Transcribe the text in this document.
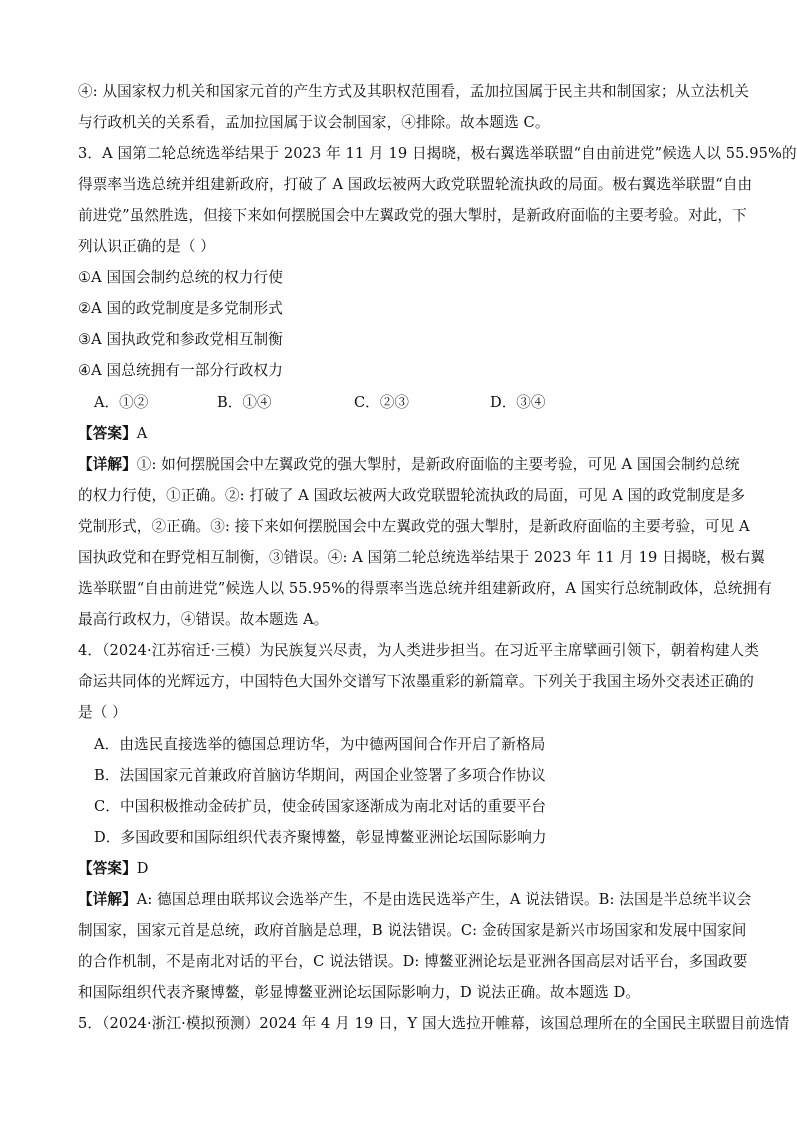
④: 从国家权力机关和国家元首的产生方式及其职权范围看，孟加拉国属于民主共和制国家；从立法机关
与行政机关的关系看，孟加拉国属于议会制国家，④排除。故本题选 C。
3．A 国第二轮总统选举结果于 2023 年 11 月 19 日揭晓，极右翼选举联盟“自由前进党”候选人以 55.95%的
得票率当选总统并组建新政府，打破了 A 国政坛被两大政党联盟轮流执政的局面。极右翼选举联盟“自由
前进党”虽然胜选，但接下来如何摆脱国会中左翼政党的强大掣肘，是新政府面临的主要考验。对此，下
列认识正确的是（ ）
①A 国国会制约总统的权力行使
②A 国的政党制度是多党制形式
③A 国执政党和参政党相互制衡
④A 国总统拥有一部分行政权力
A．①②	B．①④	C．②③	D．③④
【答案】A
【详解】①: 如何摆脱国会中左翼政党的强大掣肘，是新政府面临的主要考验，可见 A 国国会制约总统
的权力行使，①正确。②: 打破了 A 国政坛被两大政党联盟轮流执政的局面，可见 A 国的政党制度是多
党制形式，②正确。③: 接下来如何摆脱国会中左翼政党的强大掣肘，是新政府面临的主要考验，可见 A
国执政党和在野党相互制衡，③错误。④: A 国第二轮总统选举结果于 2023 年 11 月 19 日揭晓，极右翼
选举联盟“自由前进党”候选人以 55.95%的得票率当选总统并组建新政府，A 国实行总统制政体，总统拥有
最高行政权力，④错误。故本题选 A。
4．（2024·江苏宿迁·三模）为民族复兴尽责，为人类进步担当。在习近平主席擘画引领下，朝着构建人类
命运共同体的光辉远方，中国特色大国外交谱写下浓墨重彩的新篇章。下列关于我国主场外交表述正确的
是（ ）
A．由选民直接选举的德国总理访华，为中德两国间合作开启了新格局
B．法国国家元首兼政府首脑访华期间，两国企业签署了多项合作协议
C．中国积极推动金砖扩员，使金砖国家逐渐成为南北对话的重要平台
D．多国政要和国际组织代表齐聚博鳌，彰显博鳌亚洲论坛国际影响力
【答案】D
【详解】A: 德国总理由联邦议会选举产生，不是由选民选举产生，A 说法错误。B: 法国是半总统半议会
制国家，国家元首是总统，政府首脑是总理，B 说法错误。C: 金砖国家是新兴市场国家和发展中国家间
的合作机制，不是南北对话的平台，C 说法错误。D: 博鳌亚洲论坛是亚洲各国高层对话平台，多国政要
和国际组织代表齐聚博鳌，彰显博鳌亚洲论坛国际影响力，D 说法正确。故本题选 D。
5．（2024·浙江·模拟预测）2024 年 4 月 19 日，Y 国大选拉开帷幕，该国总理所在的全国民主联盟目前选情
